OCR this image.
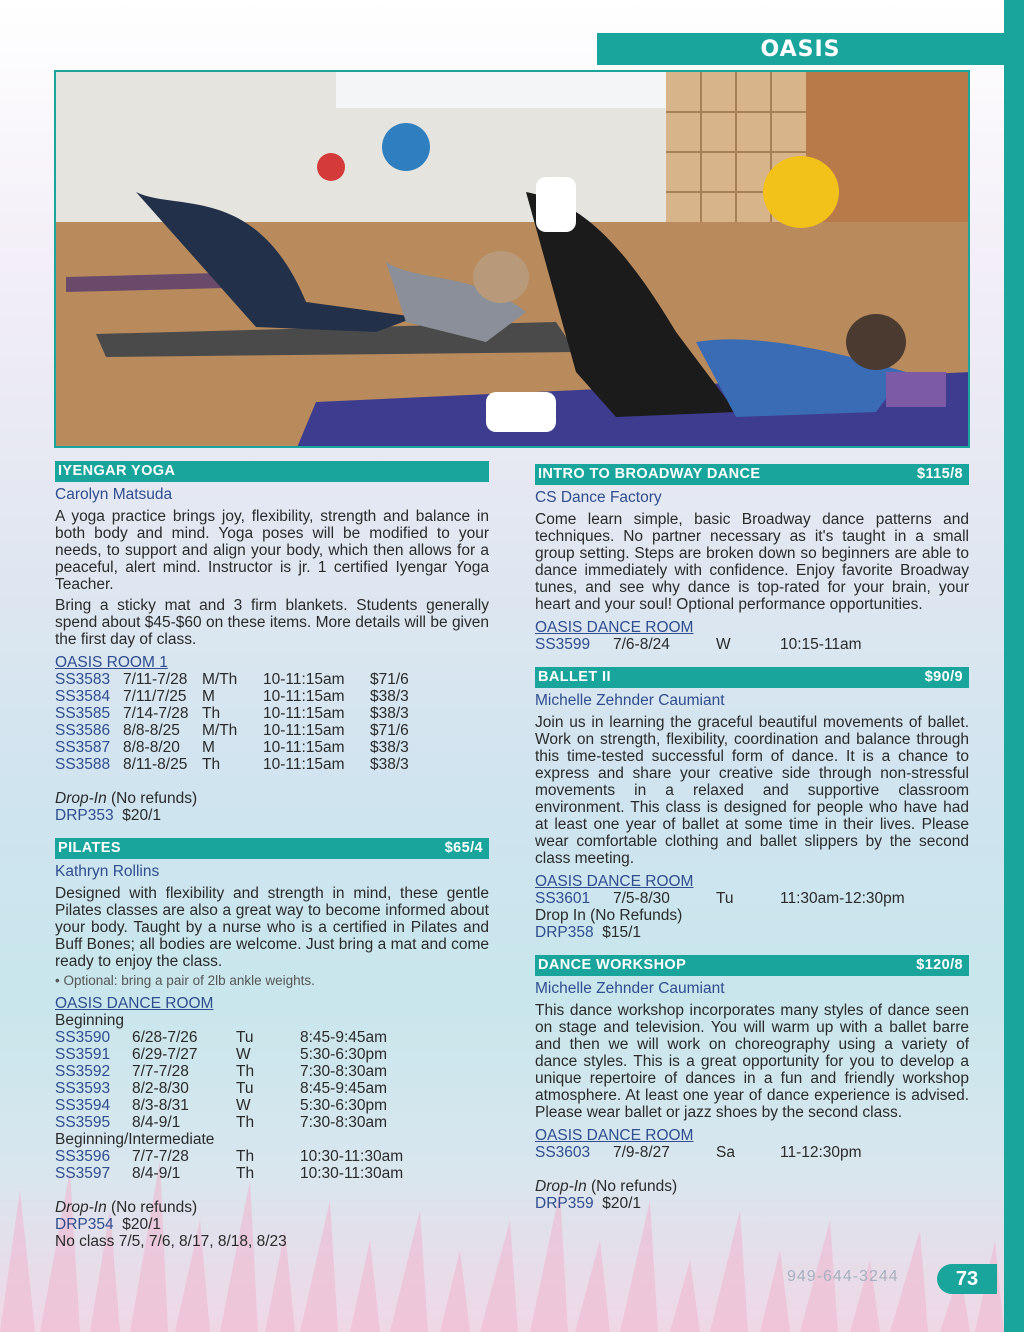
OASIS
IYENGAR YOGA
Carolyn Matsuda
A yoga practice brings joy, flexibility, strength and balance in both body and mind. Yoga poses will be modified to your needs, to support and align your body, which then allows for a peaceful, alert mind. Instructor is jr. 1 certified Iyengar Yoga Teacher.
Bring a sticky mat and 3 firm blankets. Students generally spend about $45-$60 on these items. More details will be given the first day of class.
OASIS ROOM 1
SS3583	7/11-7/28	M/Th	10-11:15am	$71/6
SS3584	7/11/7/25	M	10-11:15am	$38/3
SS3585	7/14-7/28	Th	10-11:15am	$38/3
SS3586	8/8-8/25	M/Th	10-11:15am	$71/6
SS3587	8/8-8/20	M	10-11:15am	$38/3
SS3588	8/11-8/25	Th	10-11:15am	$38/3
Drop-In (No refunds)
DRP353 $20/1
PILATES	$65/4
Kathryn Rollins
Designed with flexibility and strength in mind, these gentle Pilates classes are also a great way to become informed about your body. Taught by a nurse who is a certified in Pilates and Buff Bones; all bodies are welcome. Just bring a mat and come ready to enjoy the class.
• Optional: bring a pair of 2lb ankle weights.
OASIS DANCE ROOM
Beginning
SS3590	6/28-7/26	Tu	8:45-9:45am
SS3591	6/29-7/27	W	5:30-6:30pm
SS3592	7/7-7/28	Th	7:30-8:30am
SS3593	8/2-8/30	Tu	8:45-9:45am
SS3594	8/3-8/31	W	5:30-6:30pm
SS3595	8/4-9/1	Th	7:30-8:30am
Beginning/Intermediate
SS3596	7/7-7/28	Th	10:30-11:30am
SS3597	8/4-9/1	Th	10:30-11:30am
Drop-In (No refunds)
DRP354 $20/1
No class 7/5, 7/6, 8/17, 8/18, 8/23
INTRO TO BROADWAY DANCE	$115/8
CS Dance Factory
Come learn simple, basic Broadway dance patterns and techniques. No partner necessary as it's taught in a small group setting. Steps are broken down so beginners are able to dance immediately with confidence. Enjoy favorite Broadway tunes, and see why dance is top-rated for your brain, your heart and your soul! Optional performance opportunities.
OASIS DANCE ROOM
SS3599	7/6-8/24	W	10:15-11am
BALLET II	$90/9
Michelle Zehnder Caumiant
Join us in learning the graceful beautiful movements of ballet. Work on strength, flexibility, coordination and balance through this time-tested successful form of dance. It is a chance to express and share your creative side through non-stressful movements in a relaxed and supportive classroom environment. This class is designed for people who have had at least one year of ballet at some time in their lives. Please wear comfortable clothing and ballet slippers by the second class meeting.
OASIS DANCE ROOM
SS3601	7/5-8/30	Tu	11:30am-12:30pm
Drop In (No Refunds)
DRP358 $15/1
DANCE WORKSHOP	$120/8
Michelle Zehnder Caumiant
This dance workshop incorporates many styles of dance seen on stage and television. You will warm up with a ballet barre and then we will work on choreography using a variety of dance styles. This is a great opportunity for you to develop a unique repertoire of dances in a fun and friendly workshop atmosphere. At least one year of dance experience is advised. Please wear ballet or jazz shoes by the second class.
OASIS DANCE ROOM
SS3603	7/9-8/27	Sa	11-12:30pm
Drop-In (No refunds)
DRP359 $20/1
949-644-3244	73
